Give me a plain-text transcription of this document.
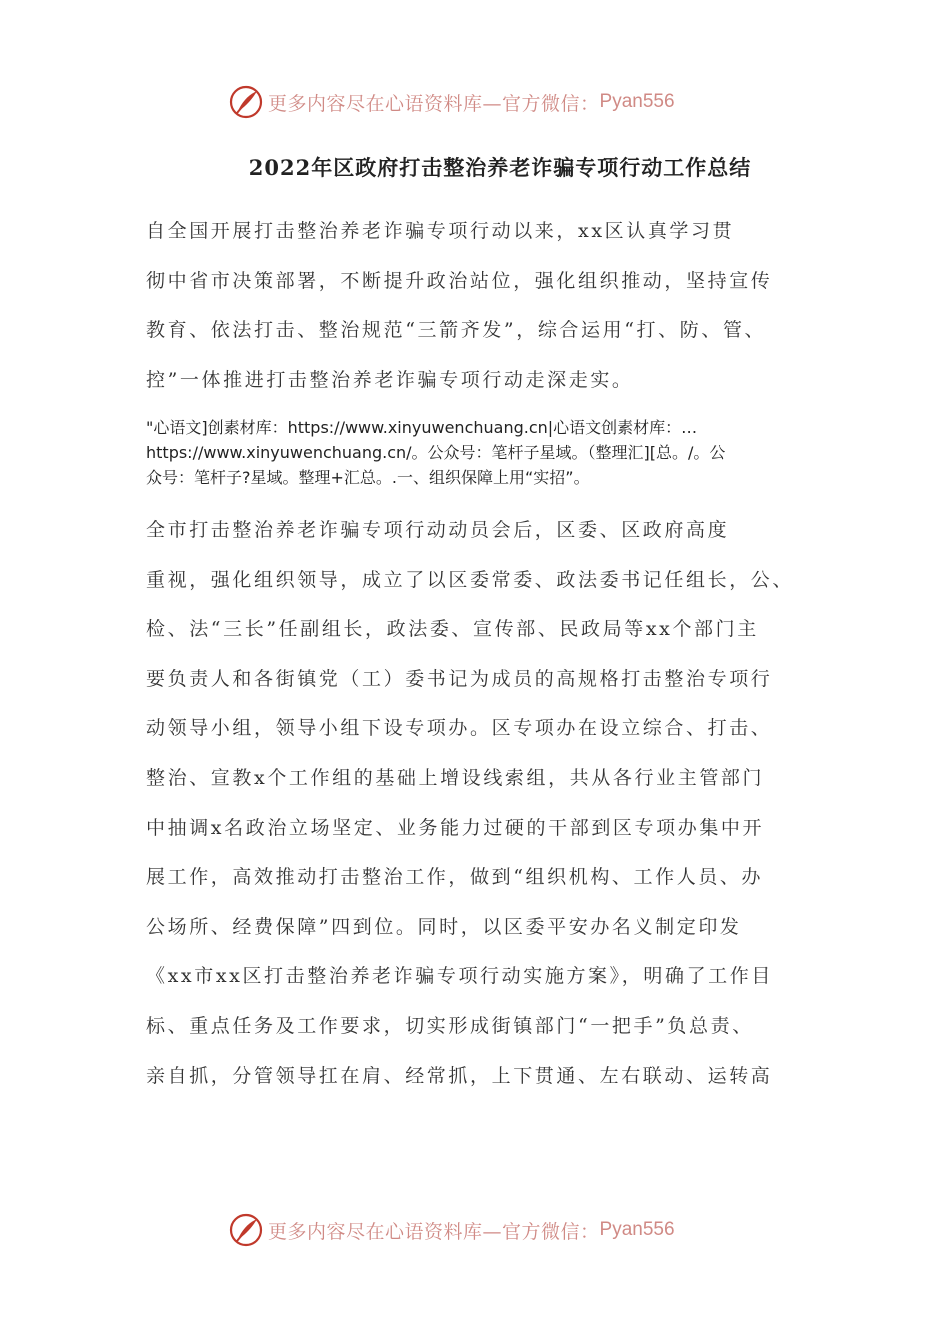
更多内容尽在心语资料库—官方微信： Pyan556
2022年区政府打击整治养老诈骗专项行动工作总结

自全国开展打击整治养老诈骗专项行动以来，xx区认真学习贯
彻中省市决策部署，不断提升政治站位，强化组织推动，坚持宣传
教育、依法打击、整治规范“三箭齐发”，综合运用“打、防、管、
控”一体推进打击整治养老诈骗专项行动走深走实。

"心语文]创素材库：https://www.xinyuwenchuang.cn|心语文创素材库：…
https://www.xinyuwenchuang.cn/。公众号：笔杆子星域。（整理汇][总。/。公
众号：笔杆子?星域。整理+汇总。.一、组织保障上用“实招”。

全市打击整治养老诈骗专项行动动员会后，区委、区政府高度
重视，强化组织领导，成立了以区委常委、政法委书记任组长，公、
检、法“三长”任副组长，政法委、宣传部、民政局等xx个部门主
要负责人和各街镇党（工）委书记为成员的高规格打击整治专项行
动领导小组，领导小组下设专项办。区专项办在设立综合、打击、
整治、宣教x个工作组的基础上增设线索组，共从各行业主管部门
中抽调x名政治立场坚定、业务能力过硬的干部到区专项办集中开
展工作，高效推动打击整治工作，做到“组织机构、工作人员、办
公场所、经费保障”四到位。同时，以区委平安办名义制定印发
《xx市xx区打击整治养老诈骗专项行动实施方案》，明确了工作目
标、重点任务及工作要求，切实形成街镇部门“一把手”负总责、
亲自抓，分管领导扛在肩、经常抓，上下贯通、左右联动、运转高

更多内容尽在心语资料库—官方微信： Pyan556
